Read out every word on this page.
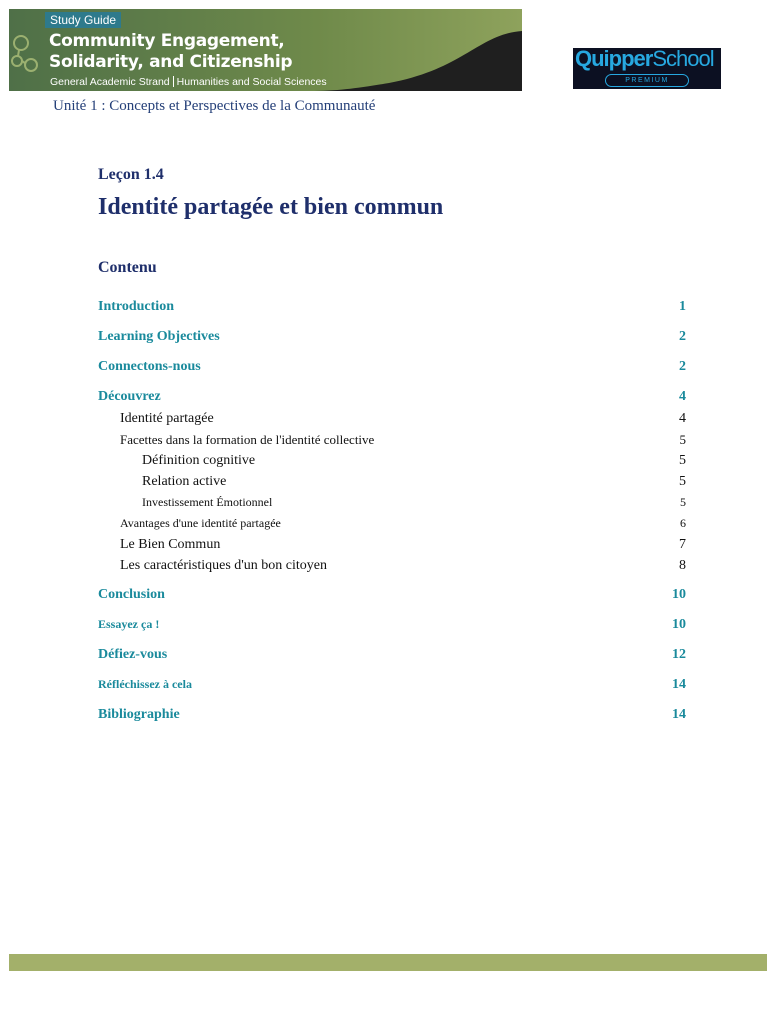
Study Guide
Community Engagement, Solidarity, and Citizenship
General Academic Strand Humanities and Social Sciences
QuipperSchool
PREMIUM
Unité 1 : Concepts et Perspectives de la Communauté
Leçon 1.4
Identité partagée et bien commun
Contenu
Introduction	1
Learning Objectives	2
Connectons-nous	2
Découvrez	4
Identité partagée	4
Facettes dans la formation de l'identité collective	5
Définition cognitive	5
Relation active	5
Investissement Émotionnel	5
Avantages d'une identité partagée	6
Le Bien Commun	7
Les caractéristiques d'un bon citoyen	8
Conclusion	10
Essayez ça !	10
Défiez-vous	12
Réfléchissez à cela	14
Bibliographie	14
